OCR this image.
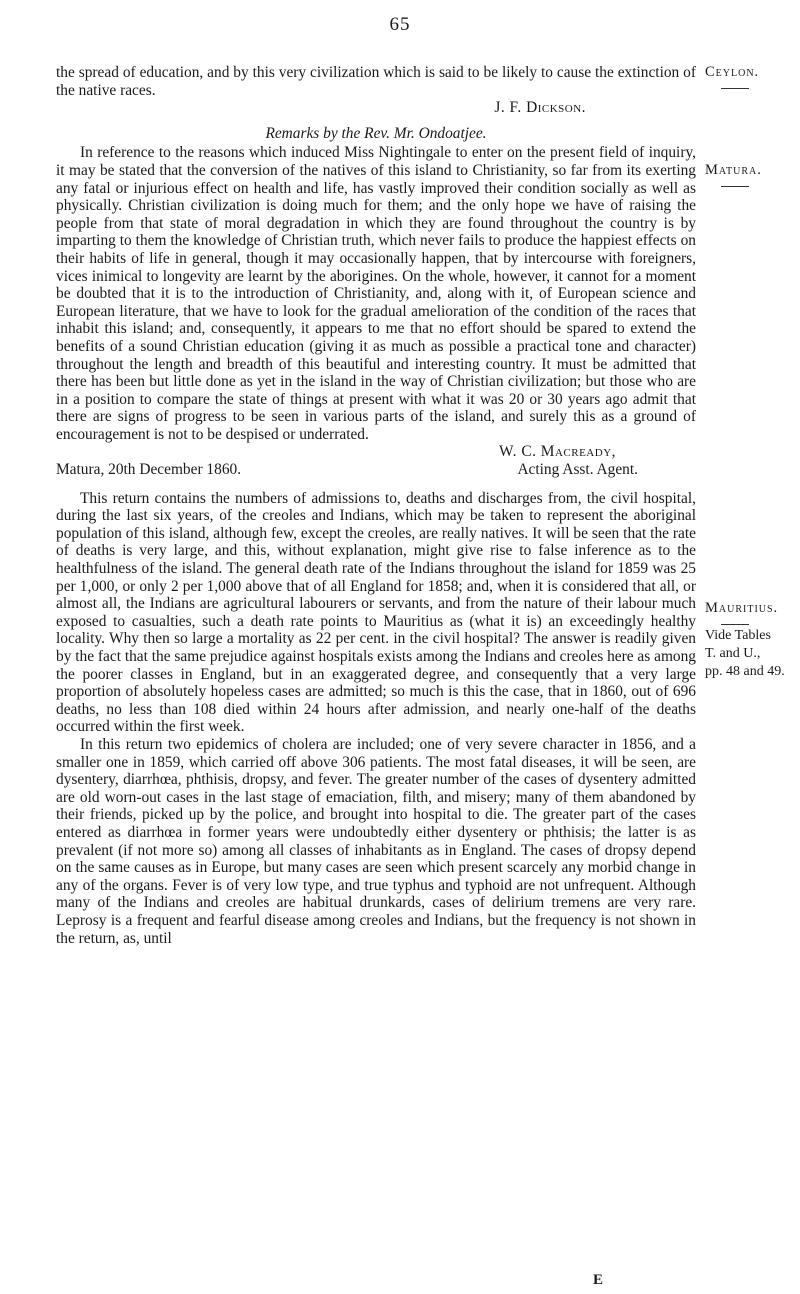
65
Ceylon.
Matura.
Mauritius.
Vide Tables
T. and U.,
pp. 48 and 49.

the spread of education, and by this very civilization which is said to be likely to cause the extinction of the native races.

J. F. Dickson.
Remarks by the Rev. Mr. Ondoatjee.

In reference to the reasons which induced Miss Nightingale to enter on the present field of inquiry, it may be stated that the conversion of the natives of this island to Christianity, so far from its exerting any fatal or injurious effect on health and life, has vastly improved their condition socially as well as physically. Christian civilization is doing much for them; and the only hope we have of raising the people from that state of moral degradation in which they are found throughout the country is by imparting to them the knowledge of Christian truth, which never fails to produce the happiest effects on their habits of life in general, though it may occasionally happen, that by intercourse with foreigners, vices inimical to longevity are learnt by the aborigines. On the whole, however, it cannot for a moment be doubted that it is to the introduction of Christianity, and, along with it, of European science and European literature, that we have to look for the gradual amelioration of the condition of the races that inhabit this island; and, consequently, it appears to me that no effort should be spared to extend the benefits of a sound Christian education (giving it as much as possible a practical tone and character) throughout the length and breadth of this beautiful and interesting country. It must be admitted that there has been but little done as yet in the island in the way of Christian civilization; but those who are in a position to compare the state of things at present with what it was 20 or 30 years ago admit that there are signs of progress to be seen in various parts of the island, and surely this as a ground of encouragement is not to be despised or underrated.

W. C. Macready,
Matura, 20th December 1860.	Acting Asst. Agent.

This return contains the numbers of admissions to, deaths and discharges from, the civil hospital, during the last six years, of the creoles and Indians, which may be taken to represent the aboriginal population of this island, although few, except the creoles, are really natives. It will be seen that the rate of deaths is very large, and this, without explanation, might give rise to false inference as to the healthfulness of the island. The general death rate of the Indians throughout the island for 1859 was 25 per 1,000, or only 2 per 1,000 above that of all England for 1858; and, when it is considered that all, or almost all, the Indians are agricultural labourers or servants, and from the nature of their labour much exposed to casualties, such a death rate points to Mauritius as (what it is) an exceedingly healthy locality. Why then so large a mortality as 22 per cent. in the civil hospital? The answer is readily given by the fact that the same prejudice against hospitals exists among the Indians and creoles here as among the poorer classes in England, but in an exaggerated degree, and consequently that a very large proportion of absolutely hopeless cases are admitted; so much is this the case, that in 1860, out of 696 deaths, no less than 108 died within 24 hours after admission, and nearly one-half of the deaths occurred within the first week.

In this return two epidemics of cholera are included; one of very severe character in 1856, and a smaller one in 1859, which carried off above 306 patients. The most fatal diseases, it will be seen, are dysentery, diarrhœa, phthisis, dropsy, and fever. The greater number of the cases of dysentery admitted are old worn-out cases in the last stage of emaciation, filth, and misery; many of them abandoned by their friends, picked up by the police, and brought into hospital to die. The greater part of the cases entered as diarrhœa in former years were undoubtedly either dysentery or phthisis; the latter is as prevalent (if not more so) among all classes of inhabitants as in England. The cases of dropsy depend on the same causes as in Europe, but many cases are seen which present scarcely any morbid change in any of the organs. Fever is of very low type, and true typhus and typhoid are not unfrequent. Although many of the Indians and creoles are habitual drunkards, cases of delirium tremens are very rare. Leprosy is a frequent and fearful disease among creoles and Indians, but the frequency is not shown in the return, as, until

E
